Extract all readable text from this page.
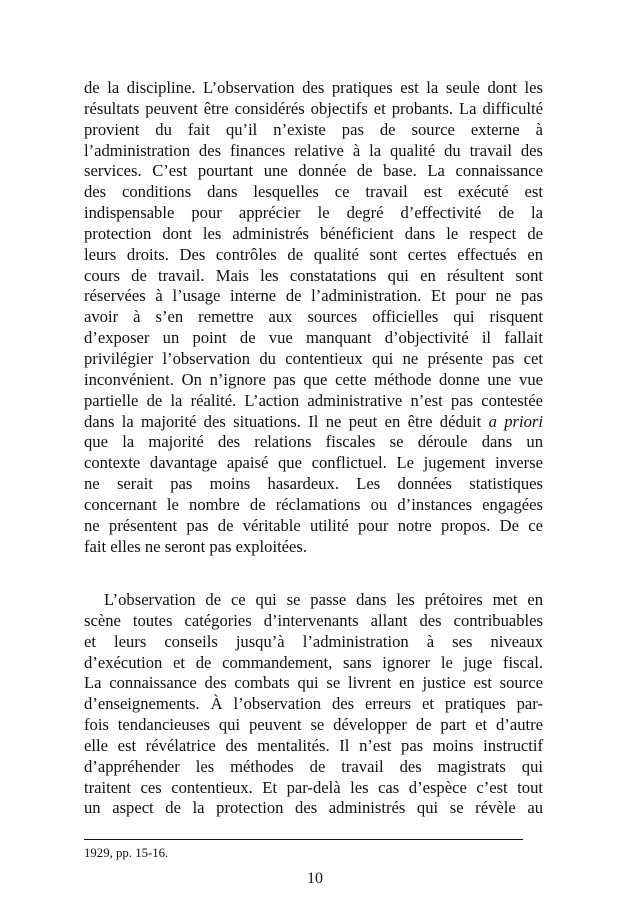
de la discipline. L’observation des pratiques est la seule dont les
résultats peuvent être considérés objectifs et probants. La difficulté
provient du fait qu’il n’existe pas de source externe à
l’administration des finances relative à la qualité du travail des
services. C’est pourtant une donnée de base. La connaissance
des conditions dans lesquelles ce travail est exécuté est
indispensable pour apprécier le degré d’effectivité de la
protection dont les administrés bénéficient dans le respect de
leurs droits. Des contrôles de qualité sont certes effectués en
cours de travail. Mais les constatations qui en résultent sont
réservées à l’usage interne de l’administration. Et pour ne pas
avoir à s’en remettre aux sources officielles qui risquent
d’exposer un point de vue manquant d’objectivité il fallait
privilégier l’observation du contentieux qui ne présente pas cet
inconvénient. On n’ignore pas que cette méthode donne une vue
partielle de la réalité. L’action administrative n’est pas contestée
dans la majorité des situations. Il ne peut en être déduit a priori
que la majorité des relations fiscales se déroule dans un
contexte davantage apaisé que conflictuel. Le jugement inverse
ne serait pas moins hasardeux. Les données statistiques
concernant le nombre de réclamations ou d’instances engagées
ne présentent pas de véritable utilité pour notre propos. De ce
fait elles ne seront pas exploitées.
L’observation de ce qui se passe dans les prétoires met en
scène toutes catégories d’intervenants allant des contribuables
et leurs conseils jusqu’à l’administration à ses niveaux
d’exécution et de commandement, sans ignorer le juge fiscal.
La connaissance des combats qui se livrent en justice est source
d’enseignements. À l’observation des erreurs et pratiques par-
fois tendancieuses qui peuvent se développer de part et d’autre
elle est révélatrice des mentalités. Il n’est pas moins instructif
d’appréhender les méthodes de travail des magistrats qui
traitent ces contentieux. Et par-delà les cas d’espèce c’est tout
un aspect de la protection des administrés qui se révèle au
1929, pp. 15-16.
10
